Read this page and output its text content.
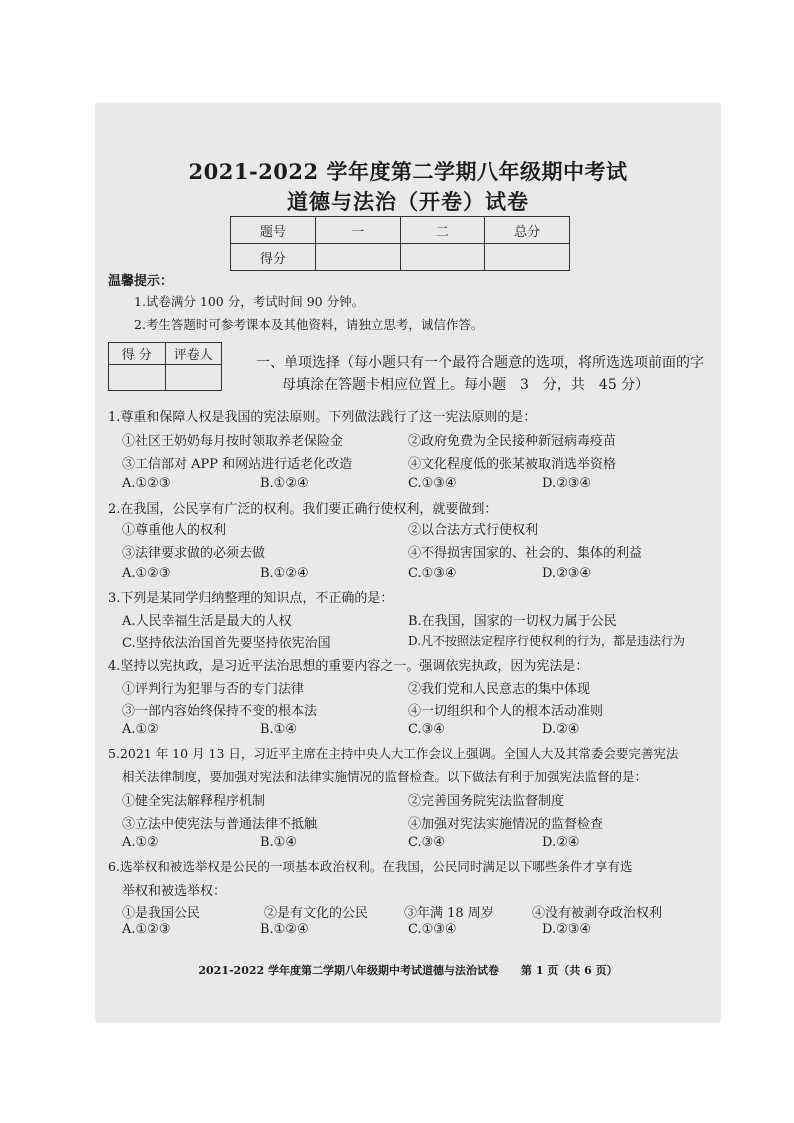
2021-2022 学年度第二学期八年级期中考试
道德与法治（开卷）试卷
题号	一	二	总分
得分			
温馨提示：
1.试卷满分 100 分，考试时间 90 分钟。
2.考生答题时可参考课本及其他资料，请独立思考，诚信作答。
得 分	评卷人
		一、单项选择（每小题只有一个最符合题意的选项，将所选选项前面的字
母填涂在答题卡相应位置上。每小题　3　分，共　45 分）
1.尊重和保障人权是我国的宪法原则。下列做法践行了这一宪法原则的是：
①社区王奶奶每月按时领取养老保险金	②政府免费为全民接种新冠病毒疫苗
③工信部对 APP 和网站进行适老化改造	④文化程度低的张某被取消选举资格
A.①②③	B.①②④	C.①③④	D.②③④
2.在我国，公民享有广泛的权利。我们要正确行使权利，就要做到：
①尊重他人的权利	②以合法方式行使权利
③法律要求做的必须去做	④不得损害国家的、社会的、集体的利益
A.①②③	B.①②④	C.①③④	D.②③④
3.下列是某同学归纳整理的知识点，不正确的是：
A.人民幸福生活是最大的人权	B.在我国，国家的一切权力属于公民
C.坚持依法治国首先要坚持依宪治国	D.凡不按照法定程序行使权利的行为，都是违法行为
4.坚持以宪执政，是习近平法治思想的重要内容之一。强调依宪执政，因为宪法是：
①评判行为犯罪与否的专门法律	②我们党和人民意志的集中体现
③一部内容始终保持不变的根本法	④一切组织和个人的根本活动准则
A.①②	B.①④	C.③④	D.②④
5.2021 年 10 月 13 日，习近平主席在主持中央人大工作会议上强调。全国人大及其常委会要完善宪法
相关法律制度，要加强对宪法和法律实施情况的监督检查。以下做法有利于加强宪法监督的是：
①健全宪法解释程序机制	②完善国务院宪法监督制度
③立法中使宪法与普通法律不抵触	④加强对宪法实施情况的监督检查
A.①②	B.①④	C.③④	D.②④
6.选举权和被选举权是公民的一项基本政治权利。在我国，公民同时满足以下哪些条件才享有选
举权和被选举权：
①是我国公民	②是有文化的公民	③年满 18 周岁	④没有被剥夺政治权利
A.①②③	B.①②④	C.①③④	D.②③④
2021-2022 学年度第二学期八年级期中考试道德与法治试卷　　第 1 页（共 6 页）
